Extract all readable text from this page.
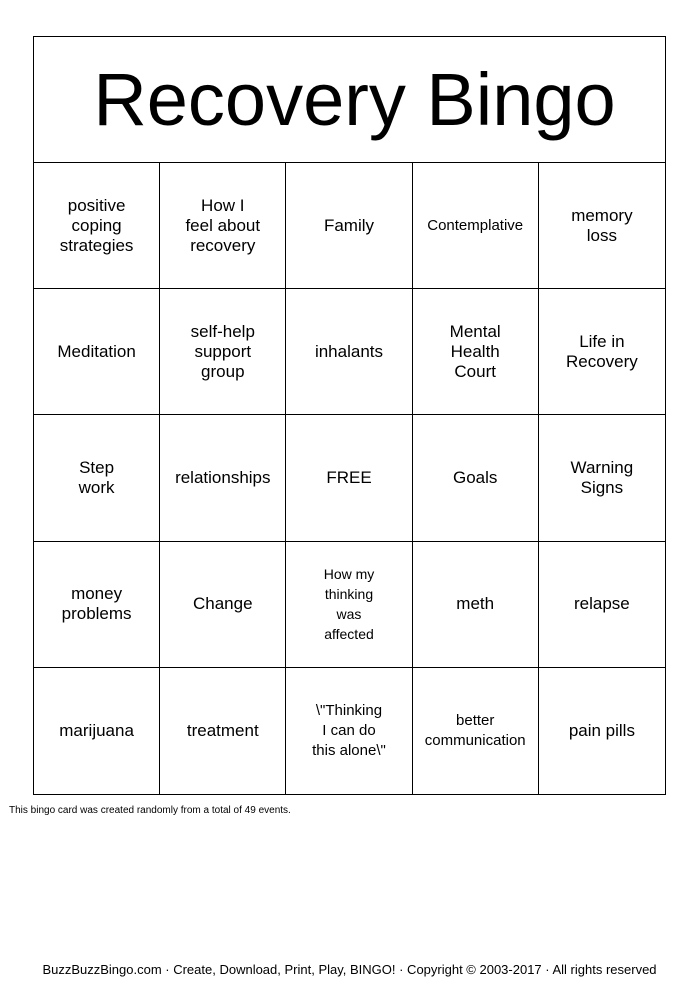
Recovery Bingo
positive
coping
strategies
How I
feel about
recovery
Family	Contemplative
memory
loss
Meditation
self-help
support
group
inhalants
Mental
Health
Court
Life in
Recovery
Step
work
relationships	FREE	Goals
Warning
Signs
money
problems
Change
How my
thinking
was
affected
meth	relapse
marijuana	treatment
\"Thinking
I can do
this alone\"
better
communication
pain pills
This bingo card was created randomly from a total of 49 events.
BuzzBuzzBingo.com · Create, Download, Print, Play, BINGO! · Copyright © 2003-2017 · All rights reserved
